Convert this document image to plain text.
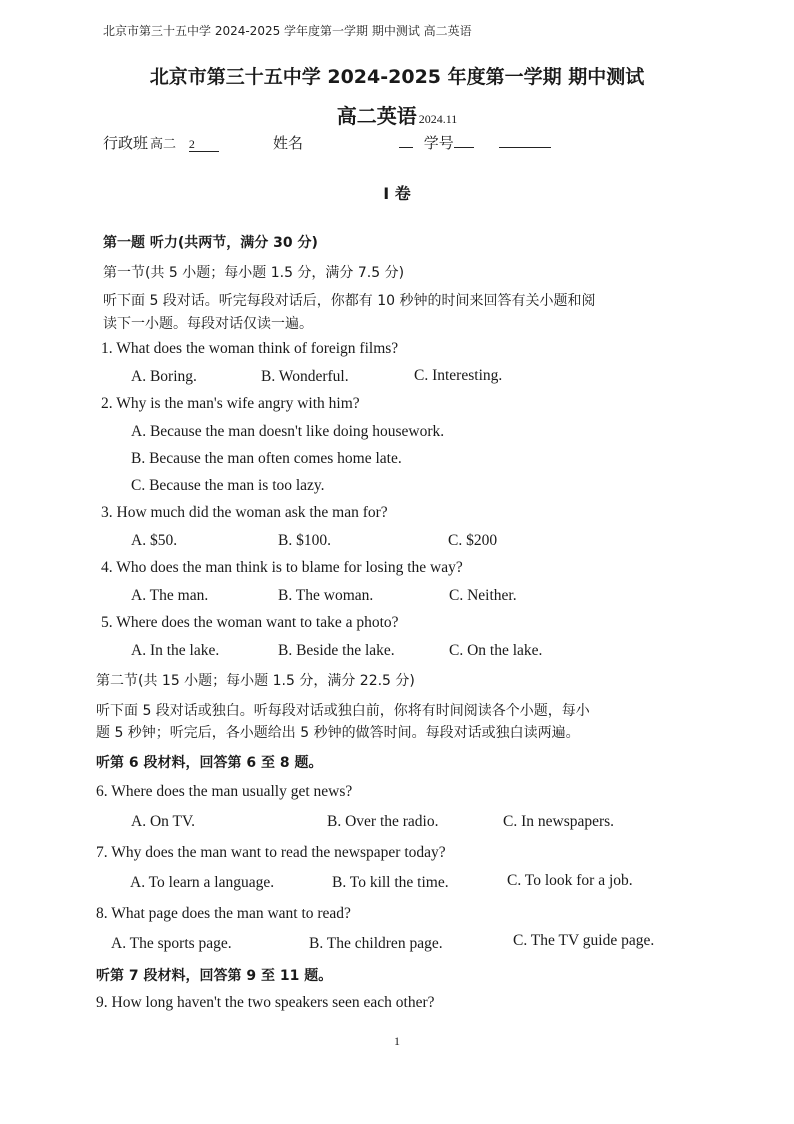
北京市第三十五中学 2024-2025 学年度第一学期 期中测试 高二英语
北京市第三十五中学 2024-2025 年度第一学期 期中测试
高二英语 2024.11
行政班 高二 2	姓名	学号
I 卷
第一题 听力(共两节，满分 30 分)
第一节(共 5 小题；每小题 1.5 分，满分 7.5 分)
听下面 5 段对话。听完每段对话后，你都有 10 秒钟的时间来回答有关小题和阅
读下一小题。每段对话仅读一遍。
1. What does the woman think of foreign films?
A. Boring.	B. Wonderful.	C. Interesting.
2. Why is the man's wife angry with him?
A. Because the man doesn't like doing housework.
B. Because the man often comes home late.
C. Because the man is too lazy.
3. How much did the woman ask the man for?
A. $50.	B. $100.	C. $200
4. Who does the man think is to blame for losing the way?
A. The man.	B. The woman.	C. Neither.
5. Where does the woman want to take a photo?
A. In the lake.	B. Beside the lake.	C. On the lake.
第二节(共 15 小题；每小题 1.5 分，满分 22.5 分)
听下面 5 段对话或独白。听每段对话或独白前，你将有时间阅读各个小题，每小
题 5 秒钟；听完后，各小题给出 5 秒钟的做答时间。每段对话或独白读两遍。
听第 6 段材料，回答第 6 至 8 题。
6. Where does the man usually get news?
A. On TV.	B. Over the radio.	C. In newspapers.
7. Why does the man want to read the newspaper today?
A. To learn a language.	B. To kill the time.	C. To look for a job.
8. What page does the man want to read?
A. The sports page.	B. The children page.	C. The TV guide page.
听第 7 段材料，回答第 9 至 11 题。
9. How long haven't the two speakers seen each other?
1
